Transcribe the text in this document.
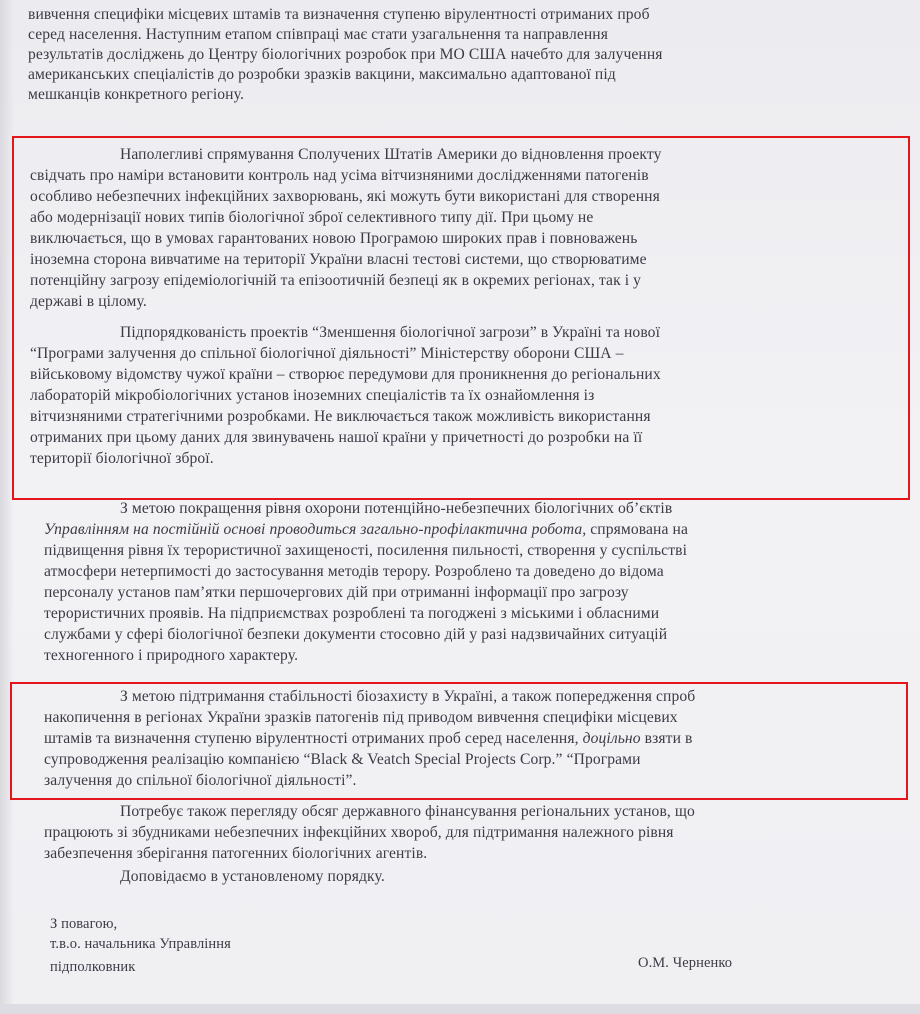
вивчення специфіки місцевих штамів та визначення ступеню вірулентності отриманих проб
серед населення. Наступним етапом співпраці має стати узагальнення та направлення
результатів досліджень до Центру біологічних розробок при МО США начебто для залучення
американських спеціалістів до розробки зразків вакцини, максимально адаптованої під
мешканців конкретного регіону.
Наполегливі спрямування Сполучених Штатів Америки до відновлення проекту
свідчать про наміри встановити контроль над усіма вітчизняними дослідженнями патогенів
особливо небезпечних інфекційних захворювань, які можуть бути використані для створення
або модернізації нових типів біологічної зброї селективного типу дії. При цьому не
виключається, що в умовах гарантованих новою Програмою широких прав і повноважень
іноземна сторона вивчатиме на території України власні тестові системи, що створюватиме
потенційну загрозу епідеміологічній та епізоотичній безпеці як в окремих регіонах, так і у
державі в цілому.
Підпорядкованість проектів “Зменшення біологічної загрози” в Україні та нової
“Програми залучення до спільної біологічної діяльності” Міністерству оборони США –
військовому відомству чужої країни – створює передумови для проникнення до регіональних
лабораторій мікробіологічних установ іноземних спеціалістів та їх ознайомлення із
вітчизняними стратегічними розробками. Не виключається також можливість використання
отриманих при цьому даних для звинувачень нашої країни у причетності до розробки на її
території біологічної зброї.
З метою покращення рівня охорони потенційно-небезпечних біологічних об’єктів
Управлінням на постійній основі проводиться загально-профілактична робота, спрямована на
підвищення рівня їх терористичної захищеності, посилення пильності, створення у суспільстві
атмосфери нетерпимості до застосування методів терору. Розроблено та доведено до відома
персоналу установ пам’ятки першочергових дій при отриманні інформації про загрозу
терористичних проявів. На підприємствах розроблені та погоджені з міськими і обласними
службами у сфері біологічної безпеки документи стосовно дій у разі надзвичайних ситуацій
техногенного і природного характеру.
З метою підтримання стабільності біозахисту в Україні, а також попередження спроб
накопичення в регіонах України зразків патогенів під приводом вивчення специфіки місцевих
штамів та визначення ступеню вірулентності отриманих проб серед населення, доцільно взяти в
супроводження реалізацію компанією “Black & Veatch Special Projects Corp.” “Програми
залучення до спільної біологічної діяльності”.
Потребує також перегляду обсяг державного фінансування регіональних установ, що
працюють зі збудниками небезпечних інфекційних хвороб, для підтримання належного рівня
забезпечення зберігання патогенних біологічних агентів.
Доповідаємо в установленому порядку.
З повагою,
т.в.о. начальника Управління
підполковник	О.М. Черненко
